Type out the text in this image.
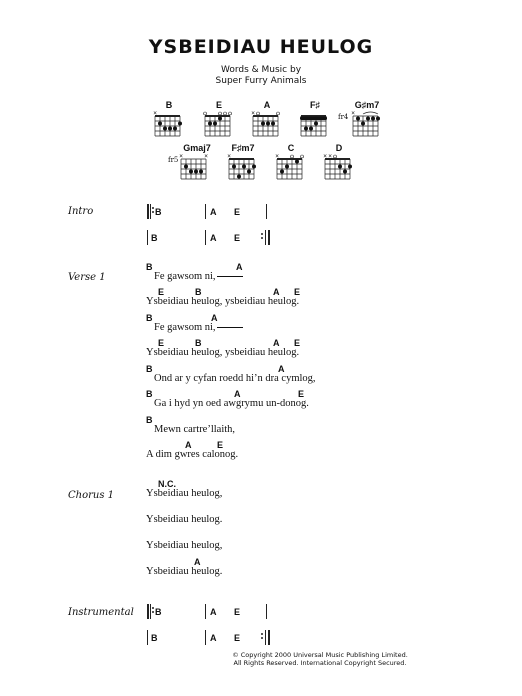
YSBEIDIAU HEULOG
Words & Music by
Super Furry Animals
B
×
E	A
×
F♯	G♯m7
fr4 ×
Gmaj7
fr5 ×	×
F♯m7
×
C
×
D
× ×
Intro	B	A E
B	A E
Verse 1
B	A
Fe gawsom ni,
E	B	A E
Ysbeidiau heulog, ysbeidiau heulog.
B	A
Fe gawsom ni,
E	B	A E
Ysbeidiau heulog, ysbeidiau heulog.
B	A
Ond ar y cyfan roedd hi’n dra cymlog,
B	A	E
Ga i hyd yn oed awgrymu un-donog.
B
Mewn cartre’llaith,
A	E
A dim gwres calonog.
Chorus 1
N.C.
Ysbeidiau heulog,
Ysbeidiau heulog.
Ysbeidiau heulog,
A
Ysbeidiau heulog.
Instrumental B	A E
B	A E
© Copyright 2000 Universal Music Publishing Limited.
All Rights Reserved. International Copyright Secured.
